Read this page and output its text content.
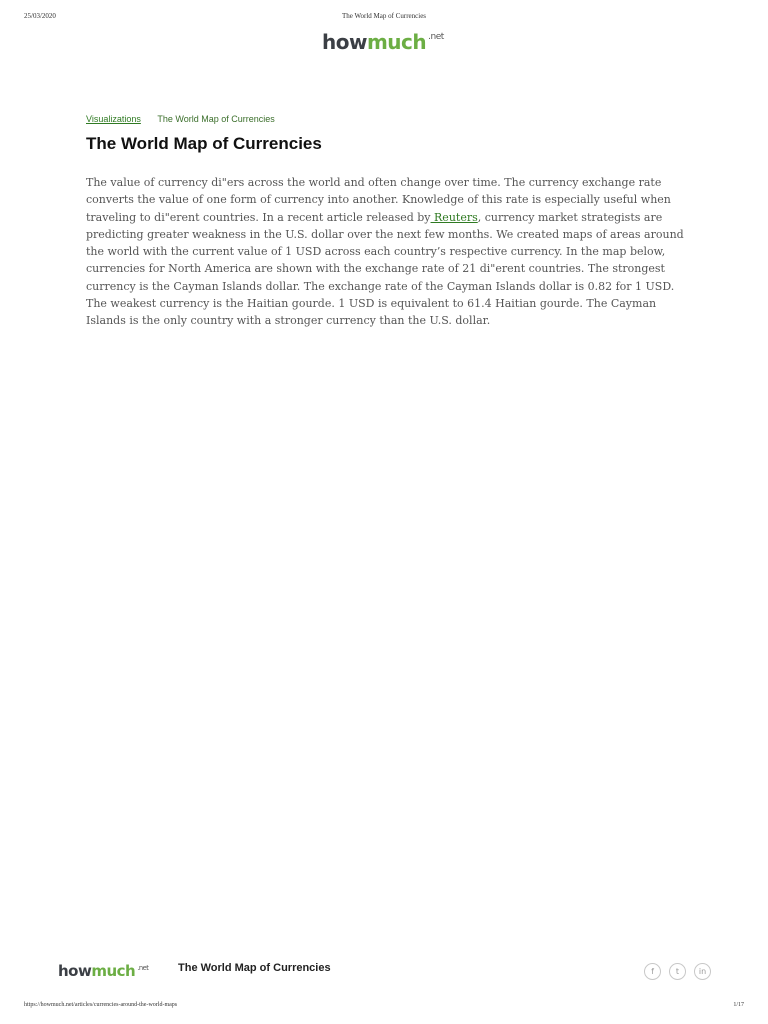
25/03/2020	The World Map of Currencies
howmuch $^{.net}$
Visualizations The World Map of Currencies
The World Map of Currencies

The value of currency di"ers across the world and often change over time. The currency exchange rate converts the value of one form of currency into another. Knowledge of this rate is especially useful when traveling to di"erent countries. In a recent article released by Reuters, currency market strategists are predicting greater weakness in the U.S. dollar over the next few months. We created maps of areas around the world with the current value of 1 USD across each country’s respective currency. In the map below, currencies for North America are shown with the exchange rate of 21 di"erent countries. The strongest currency is the Cayman Islands dollar. The exchange rate of the Cayman Islands dollar is 0.82 for 1 USD. The weakest currency is the Haitian gourde. 1 USD is equivalent to 61.4 Haitian gourde. The Cayman Islands is the only country with a stronger currency than the U.S. dollar.

howmuch $^{.net}$	The World Map of Currencies	f	t	in
https://howmuch.net/articles/currencies-around-the-world-maps	1/17
